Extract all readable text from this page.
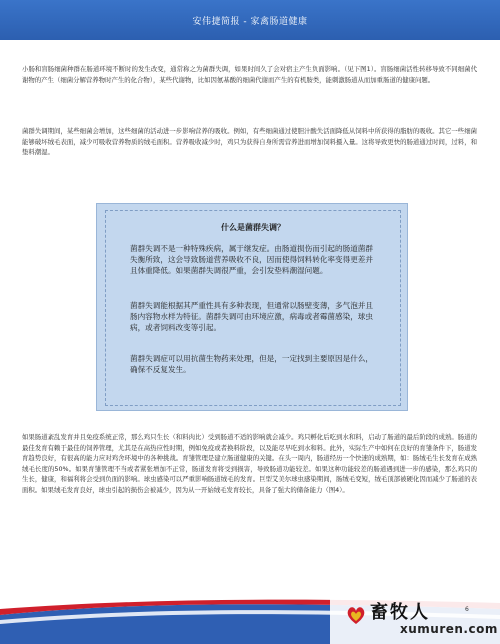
安伟捷简报 - 家禽肠道健康

小肠和盲肠细菌种群在肠道环境不断时的发生改变，通常称之为菌群失调，如果时间久了会对宿主产生负面影响。（见下图1）。盲肠细菌活性转移导致不同细菌代谢物的产生（细菌分解营养物时产生的化合物），某些代谢物，比如因氨基酸的细菌代谢而产生的有机胺类，能刺激肠道从而加重肠道的健康问题。

菌群失调期间，某些细菌会增加，这些细菌的活动进一步影响营养的吸收。例如，有些细菌通过使胆汁酸失活面降低从饲料中所获得的脂肪的吸收。其它一些细菌能够破坏绒毛表面，减少可吸收营养物质的绒毛面积。营养吸收减少时，鸡只为获得自身所需营养进而增加饲料摄入量。这将导致更快的肠道通过时间，过料，和垫料潮湿。

什么是菌群失调？

菌群失调不是一种特殊疾病，属于继发症。由肠道损伤而引起的肠道菌群失衡所致，这会导致肠道营养吸收不良，因而使得饲料转化率变得更差并且体重降低。如果菌群失调很严重，会引发垫料潮湿问题。

菌群失调能根据其严重性具有多种表现，但通常以肠壁变薄，多气泡并且肠内容物水样为特征。菌群失调可由环境应激，病毒或者霉菌感染，球虫病，或者饲料改变等引起。

菌群失调症可以用抗菌生物药来处理，但是，一定找到主要原因是什么，确保不反复发生。

如果肠道紊乱发育并且免疫系统正常，那么鸡只生长（和料肉比）受到肠道不适的影响就会减少。鸡只孵化后吃到水和料，启动了肠道的最后阶段的成熟。肠道的最佳发育有赖于最佳的饲养管理，尤其是在高热应性时期，例如免疫或者换料阶段，以及能尽早吃到水和料。此外，实际生产中如何在良好的育雏条件下，肠道发育趋势良好，有很高的能力应对鸡舍环境中的各种挑战。育雏管理是建立肠道健康的关键。在头一周内，肠道经历一个快速的成熟期，如：肠绒毛生长发育在成熟绒毛长度的50%。如果育雏管理不当或者紧张增加不正常，肠道发育将受到损害，导致肠道功能较差。如果这种功能较差的肠道遇到进一步的感染，那么鸡只的生长，健康，和福利将会受到负面的影响。球虫感染可以严重影响肠道绒毛的发育。巨型艾美尔球虫感染期间，肠绒毛变短，绒毛顶部被硬化因而减少了肠道的表面积。如果绒毛发育良好，球虫引起的损伤会被减少，因为从一开始绒毛发育较长，具备了强大的储备能力（图4）。

畜牧人	6
xumuren.com
